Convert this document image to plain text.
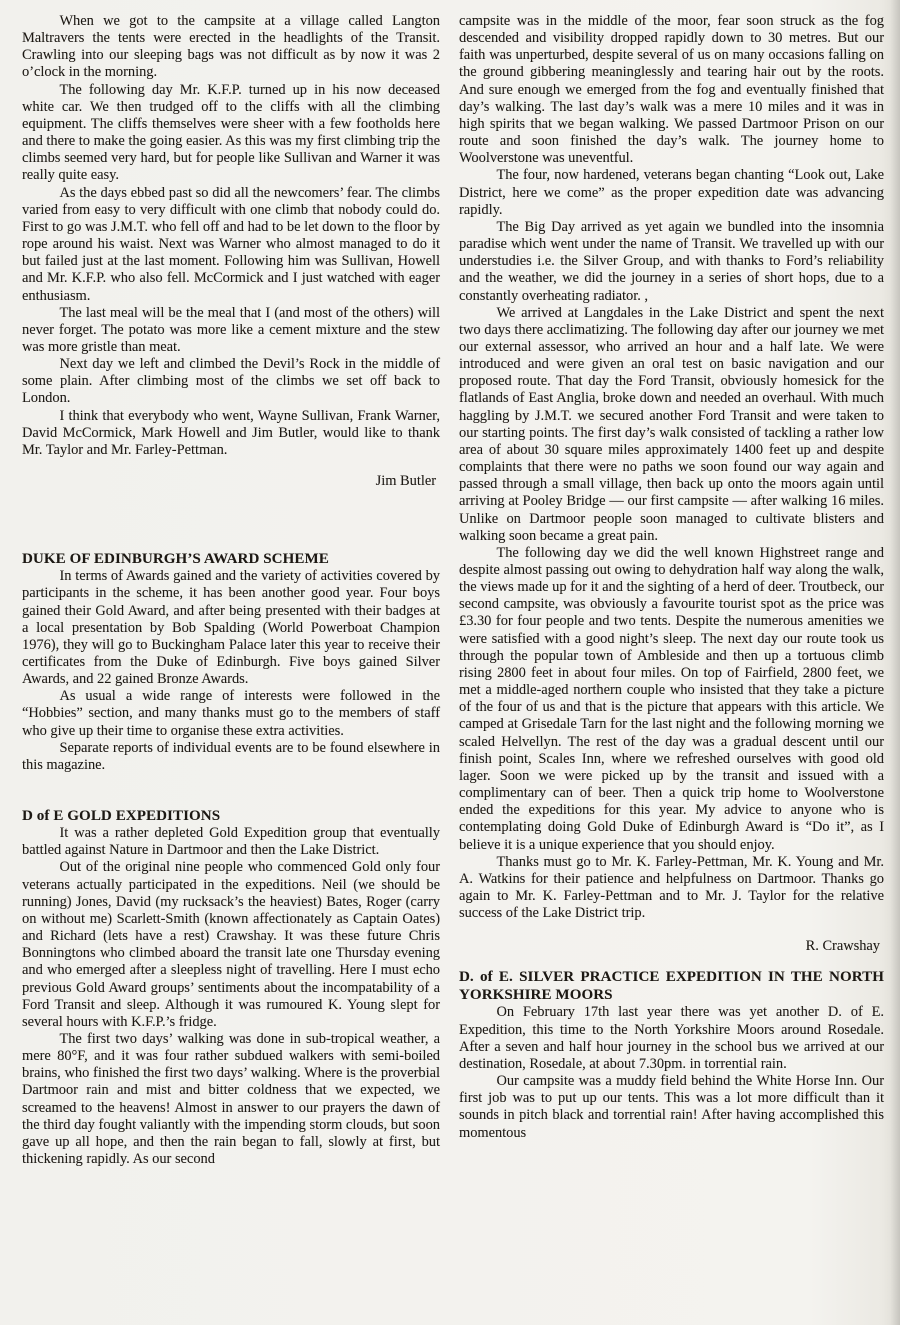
When we got to the campsite at a village called Langton Maltravers the tents were erected in the headlights of the Transit. Crawling into our sleeping bags was not difficult as by now it was 2 o’clock in the morning.

The following day Mr. K.F.P. turned up in his now deceased white car. We then trudged off to the cliffs with all the climbing equipment. The cliffs themselves were sheer with a few footholds here and there to make the going easier. As this was my first climbing trip the climbs seemed very hard, but for people like Sullivan and Warner it was really quite easy.

As the days ebbed past so did all the newcomers’ fear. The climbs varied from easy to very difficult with one climb that nobody could do. First to go was J.M.T. who fell off and had to be let down to the floor by rope around his waist. Next was Warner who almost managed to do it but failed just at the last moment. Following him was Sullivan, Howell and Mr. K.F.P. who also fell. McCormick and I just watched with eager enthusiasm.

The last meal will be the meal that I (and most of the others) will never forget. The potato was more like a cement mixture and the stew was more gristle than meat.

Next day we left and climbed the Devil’s Rock in the middle of some plain. After climbing most of the climbs we set off back to London.

I think that everybody who went, Wayne Sullivan, Frank Warner, David McCormick, Mark Howell and Jim Butler, would like to thank Mr. Taylor and Mr. Farley-Pettman.

Jim Butler

DUKE OF EDINBURGH’S AWARD SCHEME

In terms of Awards gained and the variety of activities covered by participants in the scheme, it has been another good year. Four boys gained their Gold Award, and after being presented with their badges at a local presentation by Bob Spalding (World Powerboat Champion 1976), they will go to Buckingham Palace later this year to receive their certificates from the Duke of Edinburgh. Five boys gained Silver Awards, and 22 gained Bronze Awards.

As usual a wide range of interests were followed in the “Hobbies” section, and many thanks must go to the members of staff who give up their time to organise these extra activities.

Separate reports of individual events are to be found elsewhere in this magazine.

D of E GOLD EXPEDITIONS

It was a rather depleted Gold Expedition group that eventually battled against Nature in Dartmoor and then the Lake District.

Out of the original nine people who commenced Gold only four veterans actually participated in the expeditions. Neil (we should be running) Jones, David (my rucksack’s the heaviest) Bates, Roger (carry on without me) Scarlett-Smith (known affectionately as Captain Oates) and Richard (lets have a rest) Crawshay. It was these future Chris Bonningtons who climbed aboard the transit late one Thursday evening and who emerged after a sleepless night of travelling. Here I must echo previous Gold Award groups’ sentiments about the incompatability of a Ford Transit and sleep. Although it was rumoured K. Young slept for several hours with K.F.P.’s fridge.

The first two days’ walking was done in sub-tropical weather, a mere 80°F, and it was four rather subdued walkers with semi-boiled brains, who finished the first two days’ walking. Where is the proverbial Dartmoor rain and mist and bitter coldness that we expected, we screamed to the heavens! Almost in answer to our prayers the dawn of the third day fought valiantly with the impending storm clouds, but soon gave up all hope, and then the rain began to fall, slowly at first, but thickening rapidly. As our second

campsite was in the middle of the moor, fear soon struck as the fog descended and visibility dropped rapidly down to 30 metres. But our faith was unperturbed, despite several of us on many occasions falling on the ground gibbering meaninglessly and tearing hair out by the roots. And sure enough we emerged from the fog and eventually finished that day’s walking. The last day’s walk was a mere 10 miles and it was in high spirits that we began walking. We passed Dartmoor Prison on our route and soon finished the day’s walk. The journey home to Woolverstone was uneventful.

The four, now hardened, veterans began chanting “Look out, Lake District, here we come” as the proper expedition date was advancing rapidly.

The Big Day arrived as yet again we bundled into the insomnia paradise which went under the name of Transit. We travelled up with our understudies i.e. the Silver Group, and with thanks to Ford’s reliability and the weather, we did the journey in a series of short hops, due to a constantly overheating radiator. ,

We arrived at Langdales in the Lake District and spent the next two days there acclimatizing. The following day after our journey we met our external assessor, who arrived an hour and a half late. We were introduced and were given an oral test on basic navigation and our proposed route. That day the Ford Transit, obviously homesick for the flatlands of East Anglia, broke down and needed an overhaul. With much haggling by J.M.T. we secured another Ford Transit and were taken to our starting points. The first day’s walk consisted of tackling a rather low area of about 30 square miles approximately 1400 feet up and despite complaints that there were no paths we soon found our way again and passed through a small village, then back up onto the moors again until arriving at Pooley Bridge — our first campsite — after walking 16 miles. Unlike on Dartmoor people soon managed to cultivate blisters and walking soon became a great pain.

The following day we did the well known Highstreet range and despite almost passing out owing to dehydration half way along the walk, the views made up for it and the sighting of a herd of deer. Troutbeck, our second campsite, was obviously a favourite tourist spot as the price was £3.30 for four people and two tents. Despite the numerous amenities we were satisfied with a good night’s sleep. The next day our route took us through the popular town of Ambleside and then up a tortuous climb rising 2800 feet in about four miles. On top of Fairfield, 2800 feet, we met a middle-aged northern couple who insisted that they take a picture of the four of us and that is the picture that appears with this article. We camped at Grisedale Tarn for the last night and the following morning we scaled Helvellyn. The rest of the day was a gradual descent until our finish point, Scales Inn, where we refreshed ourselves with good old lager. Soon we were picked up by the transit and issued with a complimentary can of beer. Then a quick trip home to Woolverstone ended the expeditions for this year. My advice to anyone who is contemplating doing Gold Duke of Edinburgh Award is “Do it”, as I believe it is a unique experience that you should enjoy.

Thanks must go to Mr. K. Farley-Pettman, Mr. K. Young and Mr. A. Watkins for their patience and helpfulness on Dartmoor. Thanks go again to Mr. K. Farley-Pettman and to Mr. J. Taylor for the relative success of the Lake District trip.

R. Crawshay

D. of E. SILVER PRACTICE EXPEDITION IN THE NORTH YORKSHIRE MOORS

On February 17th last year there was yet another D. of E. Expedition, this time to the North Yorkshire Moors around Rosedale. After a seven and half hour journey in the school bus we arrived at our destination, Rosedale, at about 7.30pm. in torrential rain.

Our campsite was a muddy field behind the White Horse Inn. Our first job was to put up our tents. This was a lot more difficult than it sounds in pitch black and torrential rain! After having accomplished this momentous
